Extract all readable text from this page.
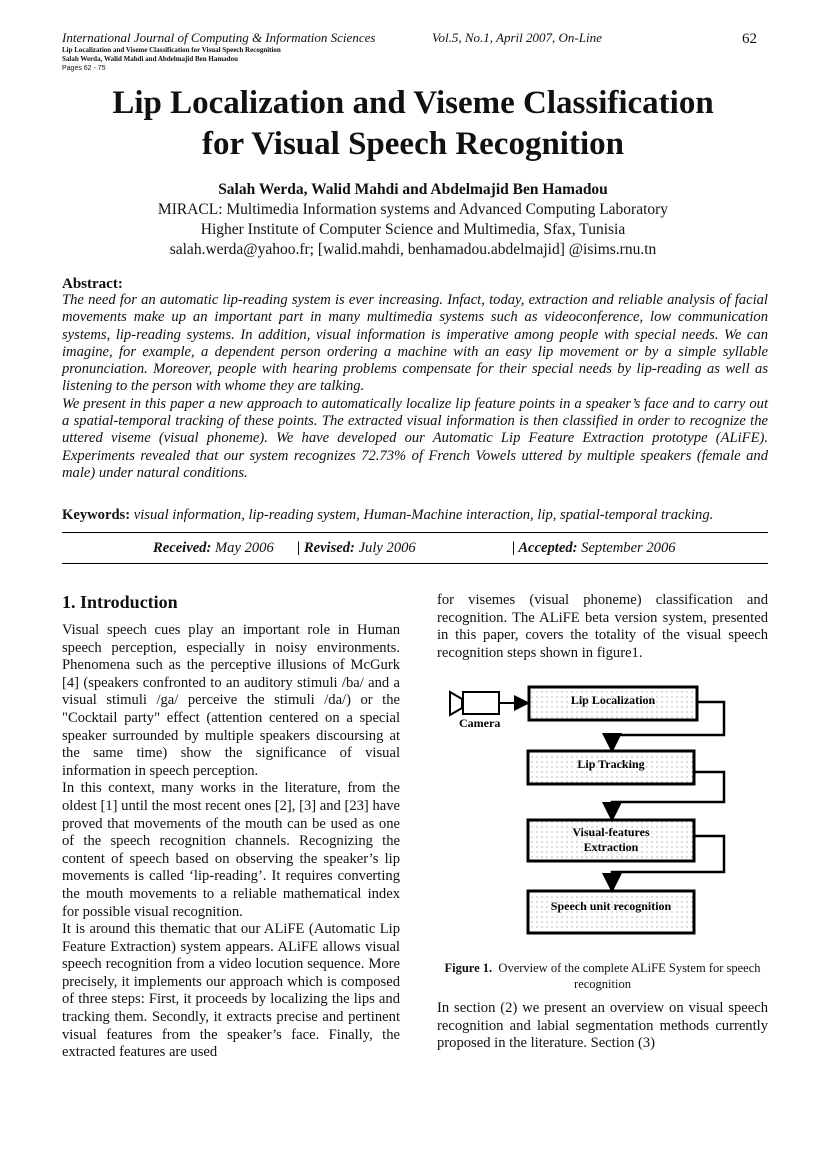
International Journal of Computing & Information Sciences	Vol.5, No.1, April 2007, On-Line	62
Lip Localization and Viseme Classification for Visual Speech Recognition
Salah Werda, Walid Mahdi and Abdelmajid Ben Hamadou
Pages 62 - 75
Lip Localization and Viseme Classification
for Visual Speech Recognition
Salah Werda, Walid Mahdi and Abdelmajid Ben Hamadou
MIRACL: Multimedia Information systems and Advanced Computing Laboratory
Higher Institute of Computer Science and Multimedia, Sfax, Tunisia
salah.werda@yahoo.fr; [walid.mahdi, benhamadou.abdelmajid] @isims.rnu.tn
Abstract:

The need for an automatic lip-reading system is ever increasing. Infact, today, extraction and reliable analysis of facial movements make up an important part in many multimedia systems such as videoconference, low communication systems, lip-reading systems. In addition, visual information is imperative among people with special needs. We can imagine, for example, a dependent person ordering a machine with an easy lip movement or by a simple syllable pronunciation. Moreover, people with hearing problems compensate for their special needs by lip-reading as well as listening to the person with whome they are talking.

We present in this paper a new approach to automatically localize lip feature points in a speaker’s face and to carry out a spatial-temporal tracking of these points. The extracted visual information is then classified in order to recognize the uttered viseme (visual phoneme). We have developed our Automatic Lip Feature Extraction prototype (ALiFE). Experiments revealed that our system recognizes 72.73% of French Vowels uttered by multiple speakers (female and male) under natural conditions.

Keywords: visual information, lip-reading system, Human-Machine interaction, lip, spatial-temporal tracking.
Received: May 2006 | Revised: July 2006	| Accepted: September 2006
1. Introduction

Visual speech cues play an important role in Human speech perception, especially in noisy environments. Phenomena such as the perceptive illusions of McGurk [4] (speakers confronted to an auditory stimuli /ba/ and a visual stimuli /ga/ perceive the stimuli /da/) or the "Cocktail party" effect (attention centered on a special speaker surrounded by multiple speakers discoursing at the same time) show the significance of visual information in speech perception.

In this context, many works in the literature, from the oldest [1] until the most recent ones [2], [3] and [23] have proved that movements of the mouth can be used as one of the speech recognition channels. Recognizing the content of speech based on observing the speaker’s lip movements is called ‘lip-reading’. It requires converting the mouth movements to a reliable mathematical index for possible visual recognition.

It is around this thematic that our ALiFE (Automatic Lip Feature Extraction) system appears. ALiFE allows visual speech recognition from a video locution sequence. More precisely, it implements our approach which is composed of three steps: First, it proceeds by localizing the lips and tracking them. Secondly, it extracts precise and pertinent visual features from the speaker’s face. Finally, the extracted features are used

for visemes (visual phoneme) classification and recognition. The ALiFE beta version system, presented in this paper, covers the totality of the visual speech recognition steps shown in figure1.

Camera
Lip Localization
Lip Tracking
Visual-features
Extraction
Speech unit recognition
Figure 1. Overview of the complete ALiFE System for speech recognition

In section (2) we present an overview on visual speech recognition and labial segmentation methods currently proposed in the literature. Section (3)
